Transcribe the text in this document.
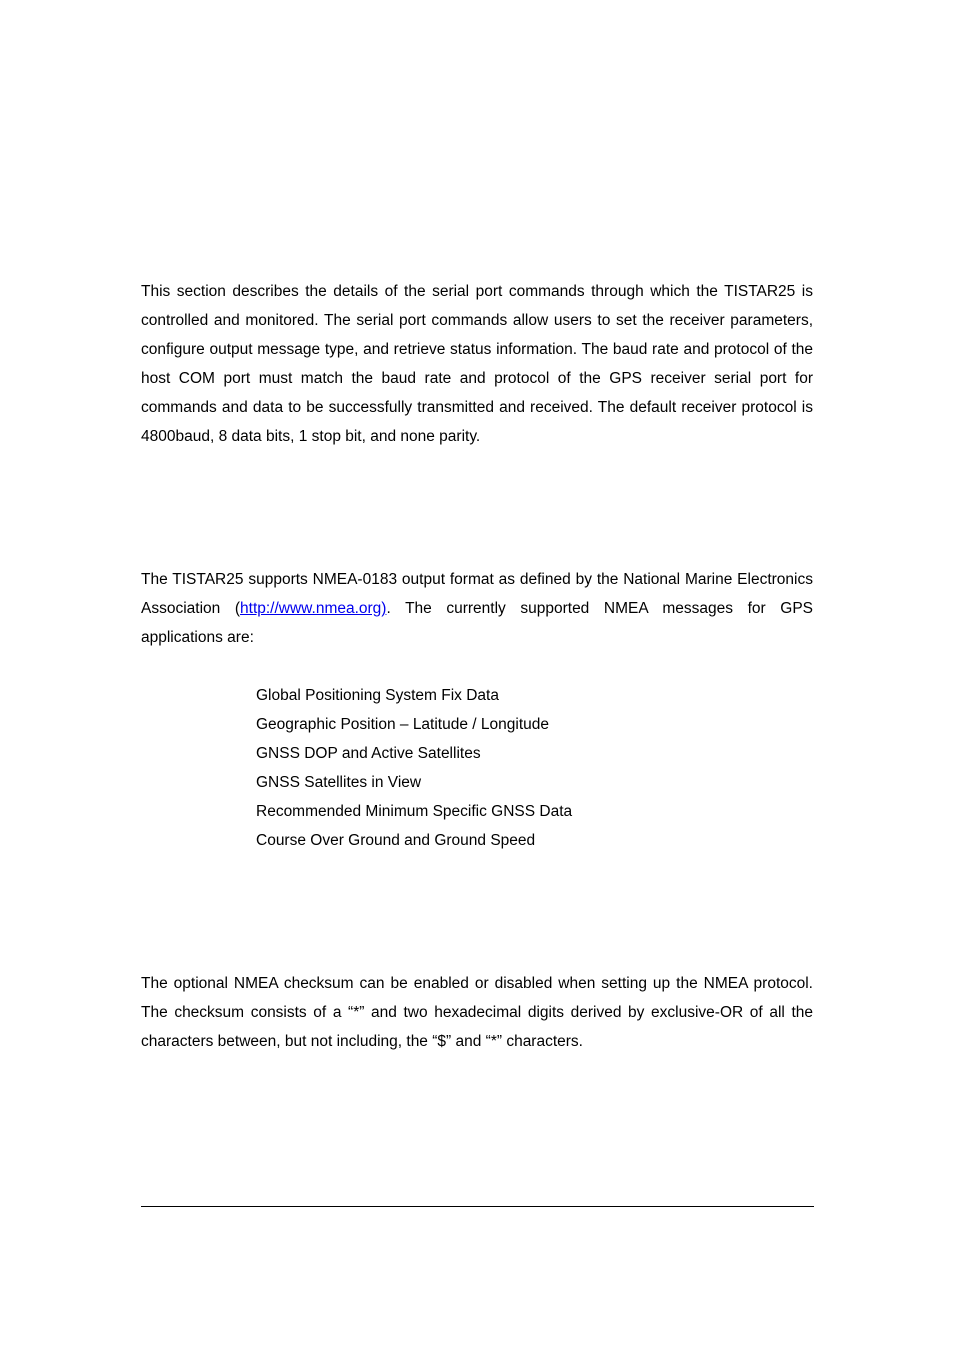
This section describes the details of the serial port commands through which the TISTAR25 is controlled and monitored. The serial port commands allow users to set the receiver parameters, configure output message type, and retrieve status information. The baud rate and protocol of the host COM port must match the baud rate and protocol of the GPS receiver serial port for commands and data to be successfully transmitted and received. The default receiver protocol is 4800baud, 8 data bits, 1 stop bit, and none parity.

The TISTAR25 supports NMEA-0183 output format as defined by the National Marine Electronics Association (http://www.nmea.org). The currently supported NMEA messages for GPS applications are:

Global Positioning System Fix Data
Geographic Position – Latitude / Longitude
GNSS DOP and Active Satellites
GNSS Satellites in View
Recommended Minimum Specific GNSS Data
Course Over Ground and Ground Speed

The optional NMEA checksum can be enabled or disabled when setting up the NMEA protocol. The checksum consists of a “*” and two hexadecimal digits derived by exclusive-OR of all the characters between, but not including, the “$” and “*” characters.
